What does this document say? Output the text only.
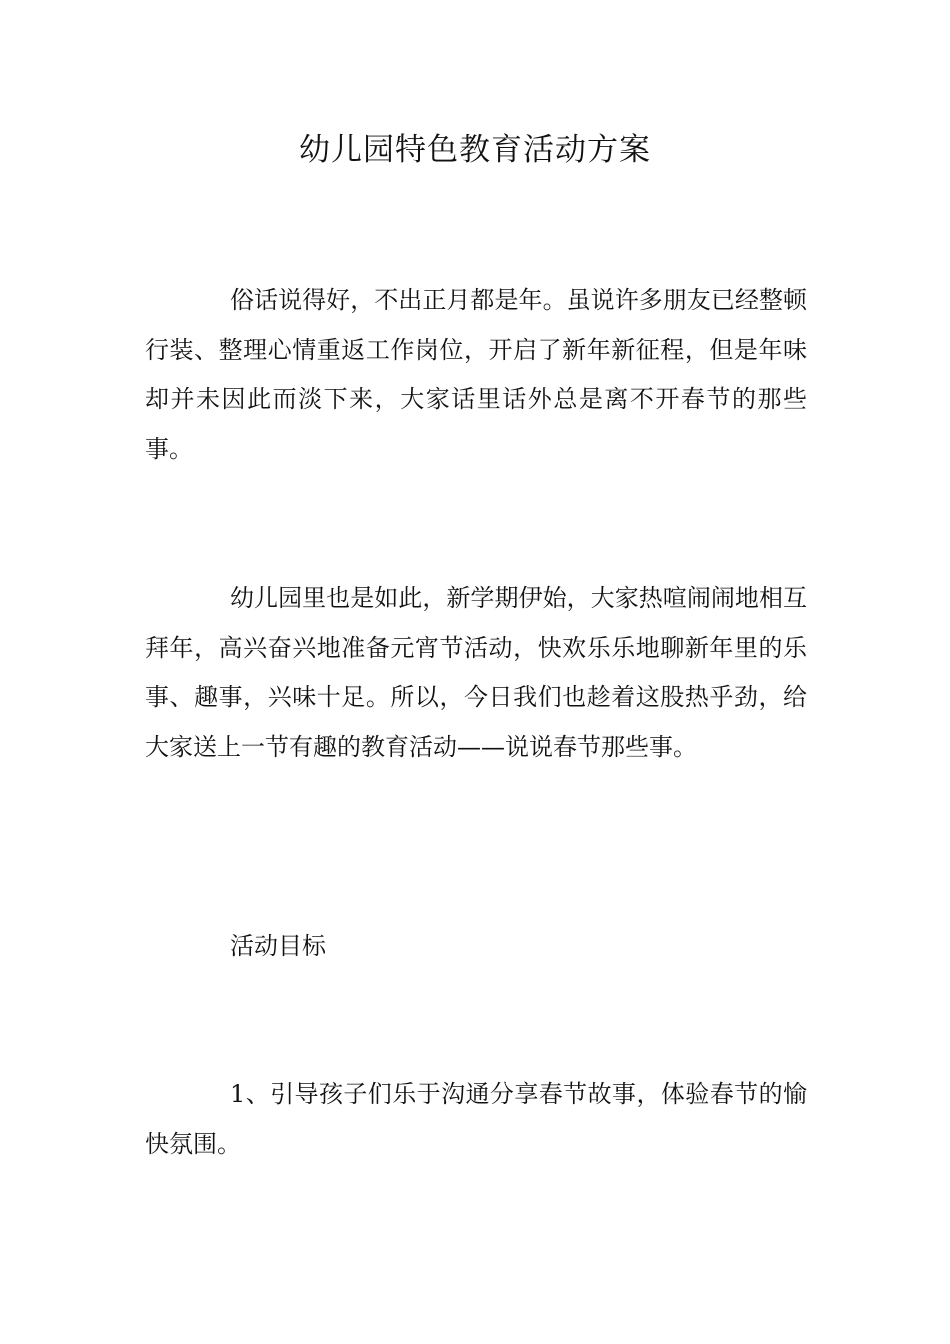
幼儿园特色教育活动方案

俗话说得好，不出正月都是年。虽说许多朋友已经整顿行装、整理心情重返工作岗位，开启了新年新征程，但是年味却并未因此而淡下来，大家话里话外总是离不开春节的那些事。

幼儿园里也是如此，新学期伊始，大家热喧闹闹地相互拜年，高兴奋兴地准备元宵节活动，快欢乐乐地聊新年里的乐事、趣事，兴味十足。所以，今日我们也趁着这股热乎劲，给大家送上一节有趣的教育活动——说说春节那些事。

活动目标

1、引导孩子们乐于沟通分享春节故事，体验春节的愉快氛围。
